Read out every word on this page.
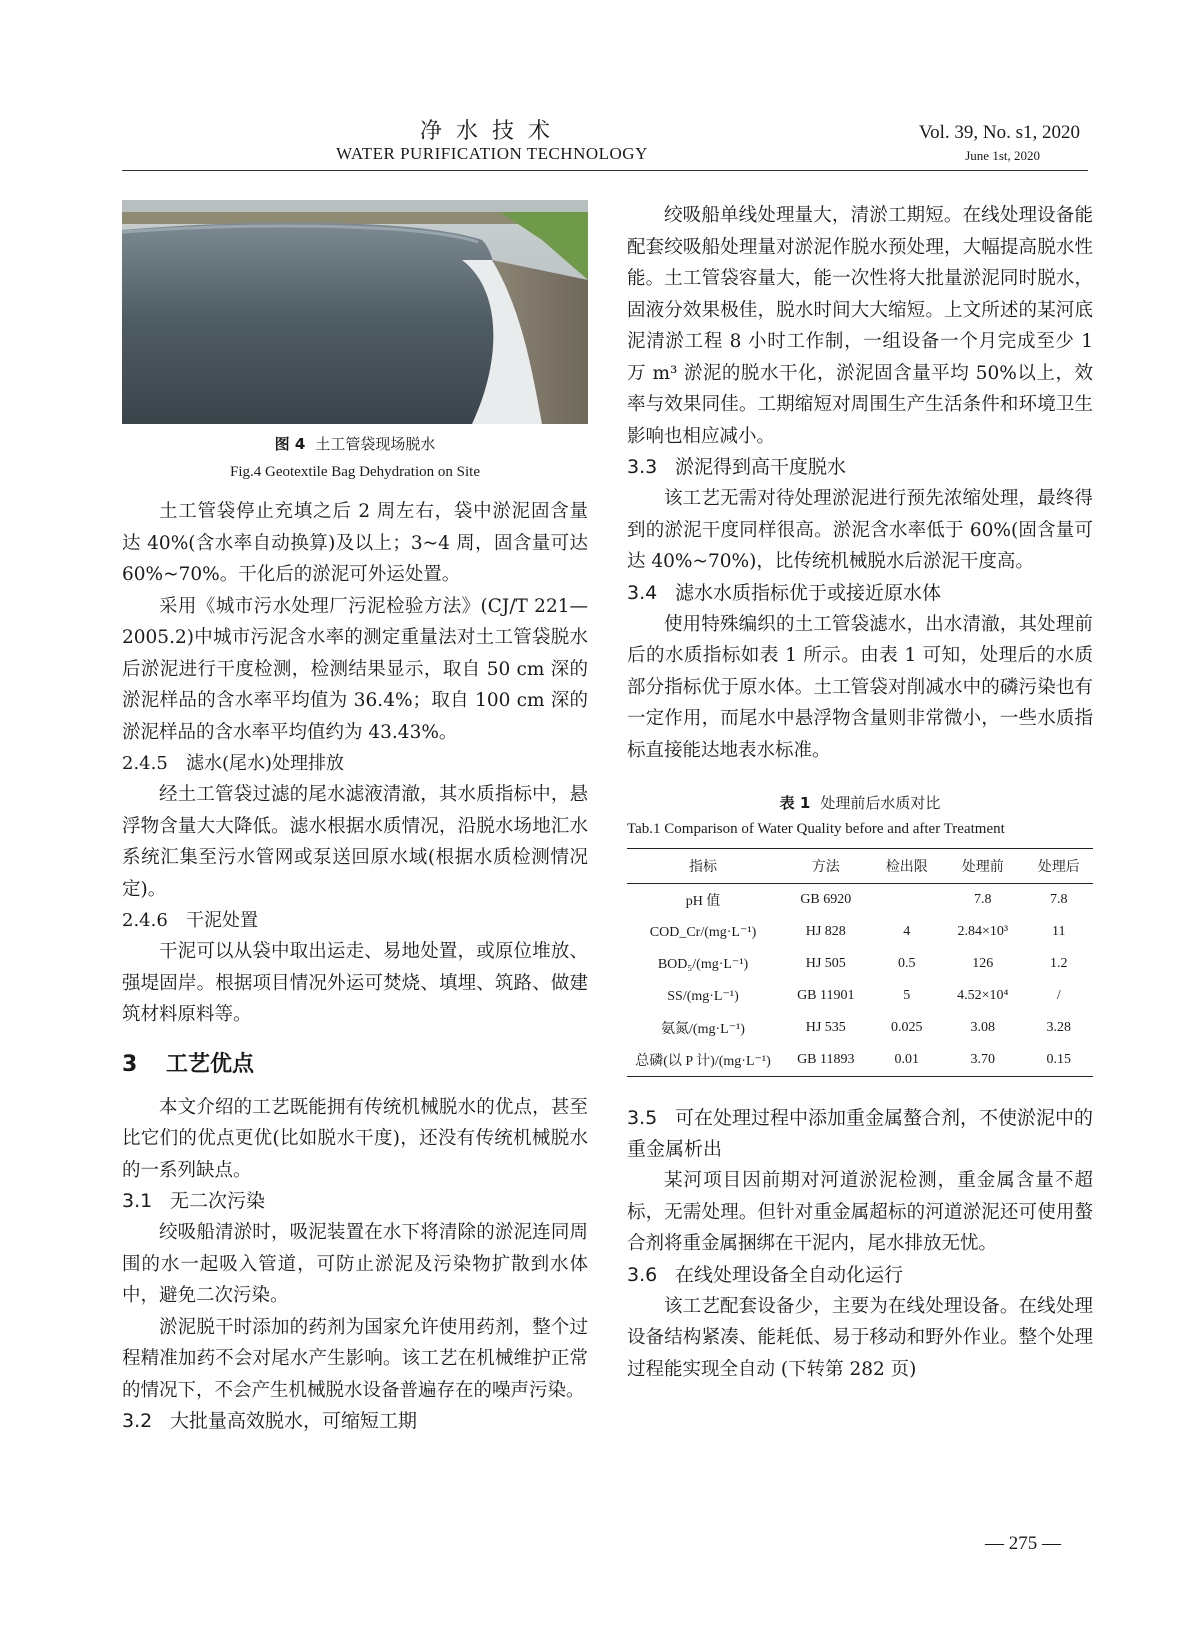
净水技术
WATER PURIFICATION TECHNOLOGY
Vol. 39, No. s1, 2020
June 1st, 2020
图 4 土工管袋现场脱水
Fig.4 Geotextile Bag Dehydration on Site

土工管袋停止充填之后 2 周左右，袋中淤泥固含量达 40%(含水率自动换算)及以上；3~4 周，固含量可达 60%~70%。干化后的淤泥可外运处置。

采用《城市污水处理厂污泥检验方法》(CJ/T 221—2005.2)中城市污泥含水率的测定重量法对土工管袋脱水后淤泥进行干度检测，检测结果显示，取自 50 cm 深的淤泥样品的含水率平均值为 36.4%；取自 100 cm 深的淤泥样品的含水率平均值约为 43.43%。

2.4.5 滤水(尾水)处理排放

经土工管袋过滤的尾水滤液清澈，其水质指标中，悬浮物含量大大降低。滤水根据水质情况，沿脱水场地汇水系统汇集至污水管网或泵送回原水域(根据水质检测情况定)。

2.4.6 干泥处置

干泥可以从袋中取出运走、易地处置，或原位堆放、强堤固岸。根据项目情况外运可焚烧、填埋、筑路、做建筑材料原料等。

3 工艺优点

本文介绍的工艺既能拥有传统机械脱水的优点，甚至比它们的优点更优(比如脱水干度)，还没有传统机械脱水的一系列缺点。

3.1 无二次污染

绞吸船清淤时，吸泥装置在水下将清除的淤泥连同周围的水一起吸入管道，可防止淤泥及污染物扩散到水体中，避免二次污染。

淤泥脱干时添加的药剂为国家允许使用药剂，整个过程精准加药不会对尾水产生影响。该工艺在机械维护正常的情况下，不会产生机械脱水设备普遍存在的噪声污染。

3.2 大批量高效脱水，可缩短工期

绞吸船单线处理量大，清淤工期短。在线处理设备能配套绞吸船处理量对淤泥作脱水预处理，大幅提高脱水性能。土工管袋容量大，能一次性将大批量淤泥同时脱水，固液分效果极佳，脱水时间大大缩短。上文所述的某河底泥清淤工程 8 小时工作制，一组设备一个月完成至少 1 万 m³ 淤泥的脱水干化，淤泥固含量平均 50%以上，效率与效果同佳。工期缩短对周围生产生活条件和环境卫生影响也相应减小。

3.3 淤泥得到高干度脱水

该工艺无需对待处理淤泥进行预先浓缩处理，最终得到的淤泥干度同样很高。淤泥含水率低于 60%(固含量可达 40%~70%)，比传统机械脱水后淤泥干度高。

3.4 滤水水质指标优于或接近原水体

使用特殊编织的土工管袋滤水，出水清澈，其处理前后的水质指标如表 1 所示。由表 1 可知，处理后的水质部分指标优于原水体。土工管袋对削减水中的磷污染也有一定作用，而尾水中悬浮物含量则非常微小，一些水质指标直接能达地表水标准。

表 1 处理前后水质对比
Tab.1 Comparison of Water Quality before and after Treatment
指标	方法	检出限	处理前	处理后
pH 值	GB 6920		7.8	7.8
COD_Cr/(mg·L⁻¹)	HJ 828	4	2.84×10³	11
BOD₅/(mg·L⁻¹)	HJ 505	0.5	126	1.2
SS/(mg·L⁻¹)	GB 11901	5	4.52×10⁴	/
氨氮/(mg·L⁻¹)	HJ 535	0.025	3.08	3.28
总磷(以 P 计)/(mg·L⁻¹)	GB 11893	0.01	3.70	0.15
3.5 可在处理过程中添加重金属螯合剂，不使淤泥中的重金属析出

某河项目因前期对河道淤泥检测，重金属含量不超标，无需处理。但针对重金属超标的河道淤泥还可使用螯合剂将重金属捆绑在干泥内，尾水排放无忧。

3.6 在线处理设备全自动化运行

该工艺配套设备少，主要为在线处理设备。在线处理设备结构紧凑、能耗低、易于移动和野外作业。整个处理过程能实现全自动 (下转第 282 页)

— 275 —
